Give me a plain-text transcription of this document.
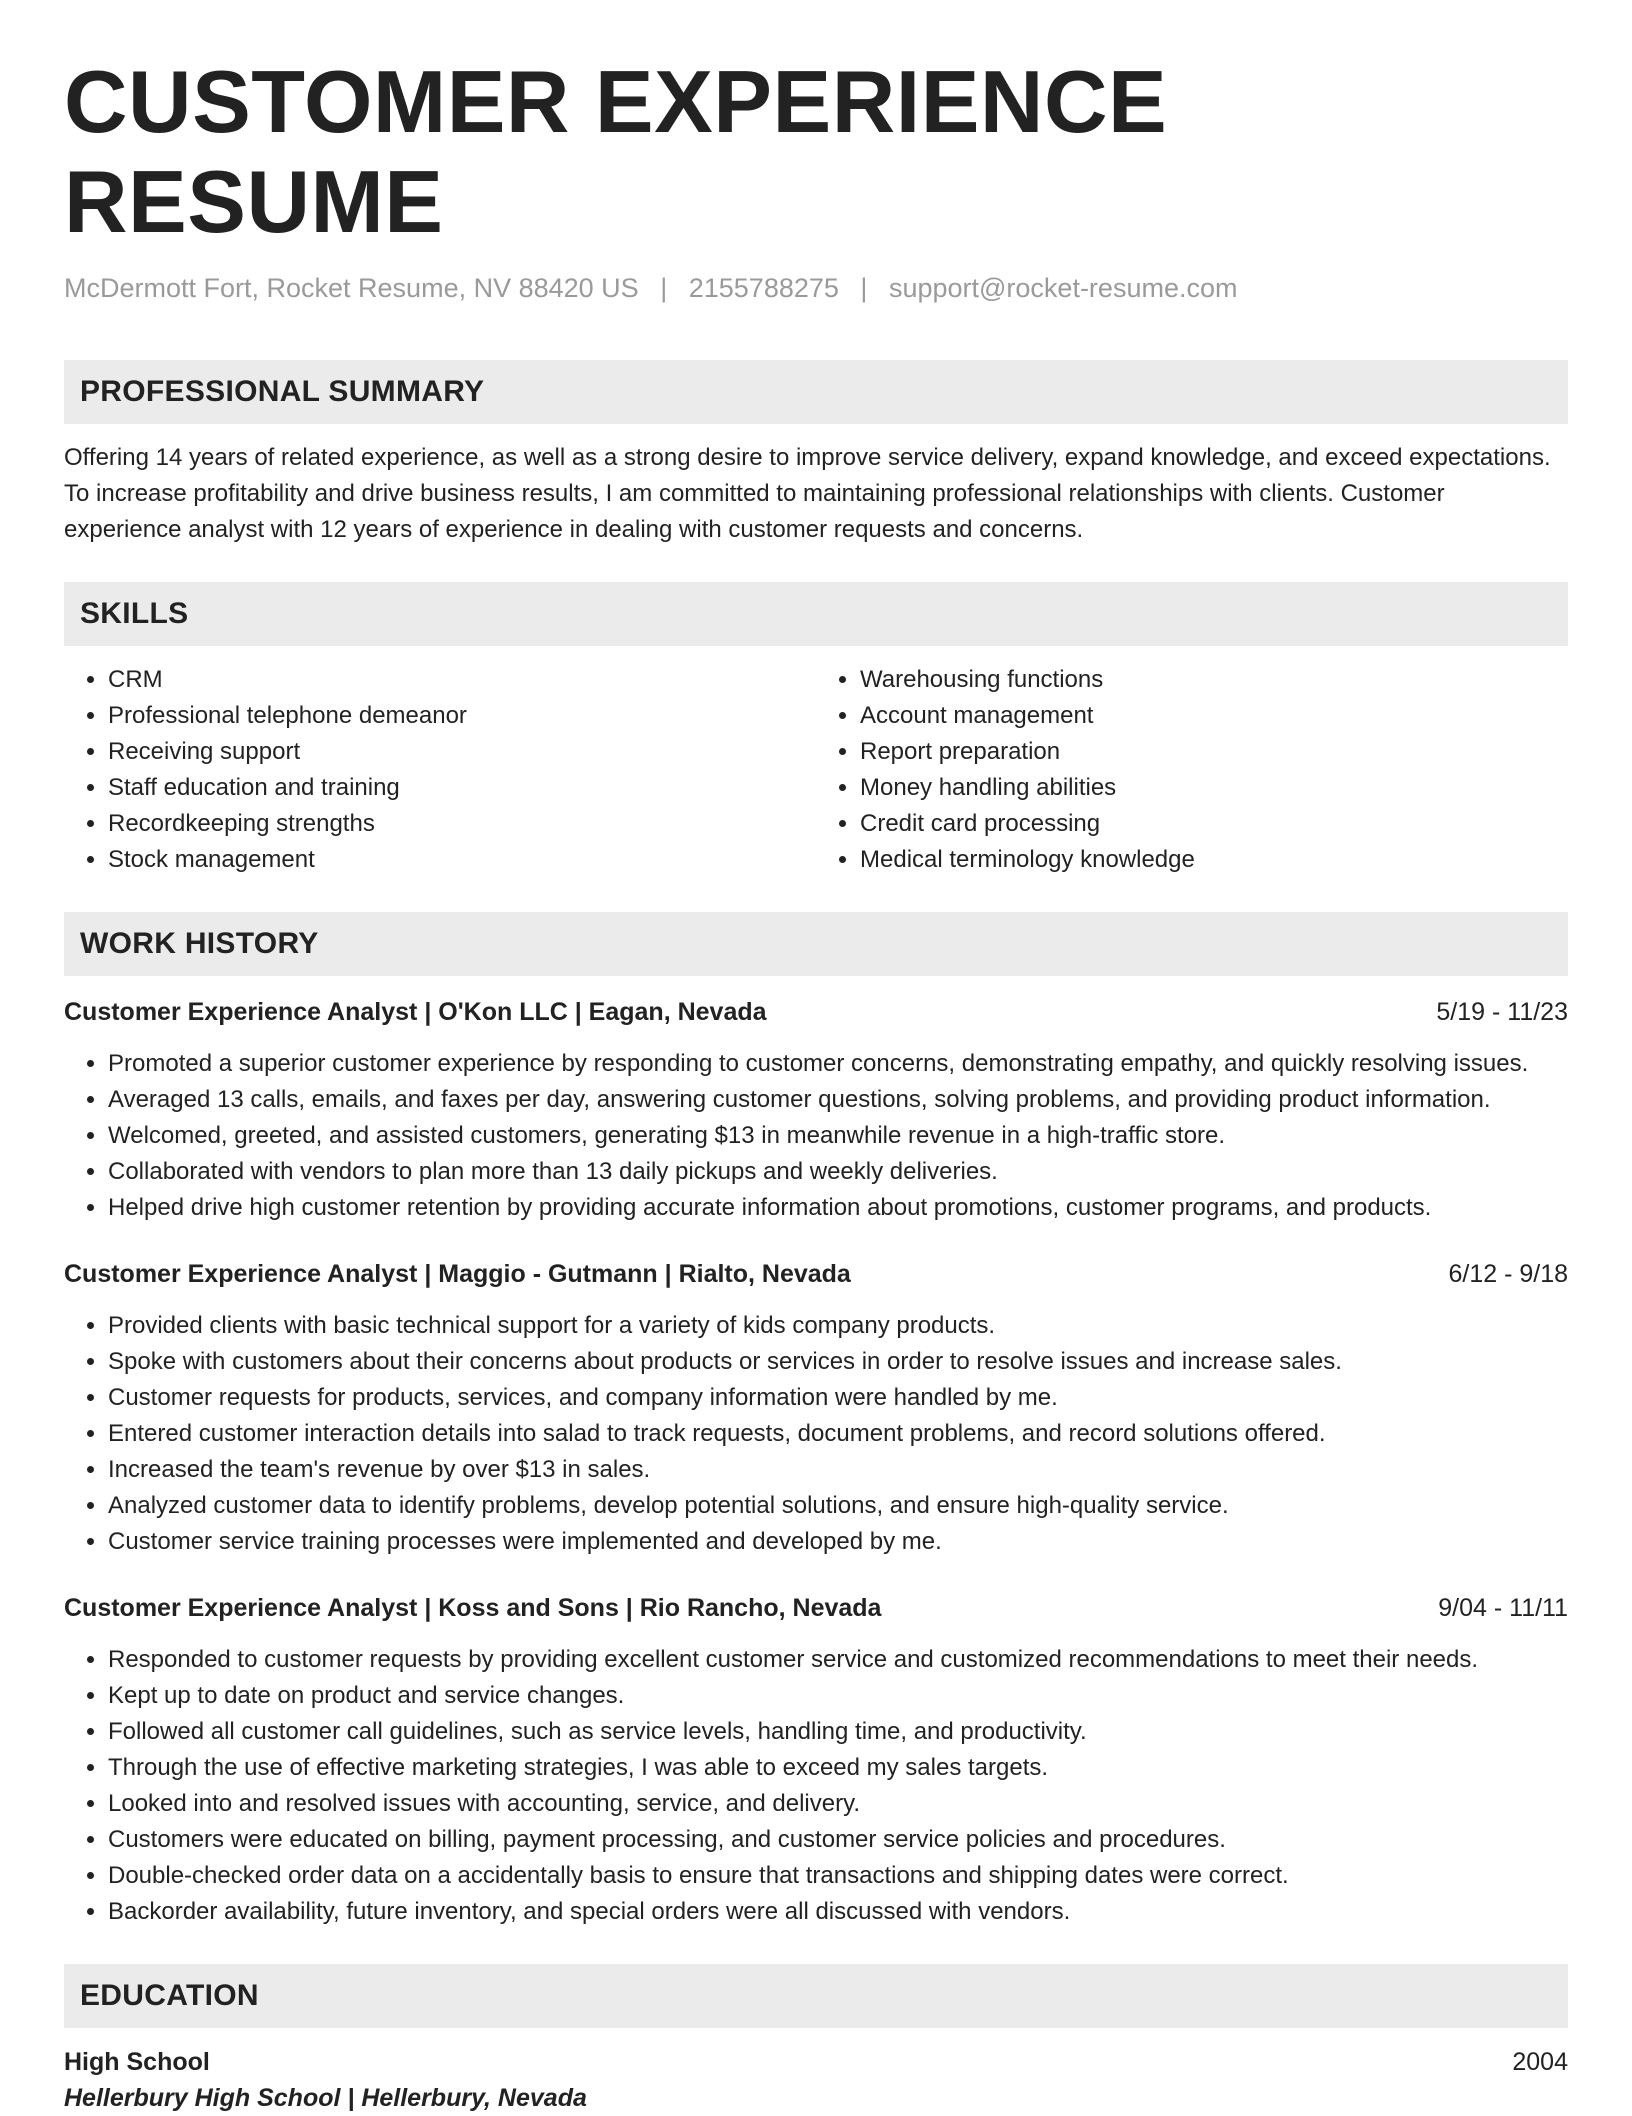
CUSTOMER EXPERIENCE RESUME
McDermott Fort, Rocket Resume, NV 88420 US | 2155788275 | support@rocket-resume.com
PROFESSIONAL SUMMARY

Offering 14 years of related experience, as well as a strong desire to improve service delivery, expand knowledge, and exceed expectations. To increase profitability and drive business results, I am committed to maintaining professional relationships with clients. Customer experience analyst with 12 years of experience in dealing with customer requests and concerns.

SKILLS
• CRM
• Professional telephone demeanor
• Receiving support
• Staff education and training
• Recordkeeping strengths
• Stock management
• Warehousing functions
• Account management
• Report preparation
• Money handling abilities
• Credit card processing
• Medical terminology knowledge
WORK HISTORY
Customer Experience Analyst | O'Kon LLC | Eagan, Nevada	5/19 - 11/23
• Promoted a superior customer experience by responding to customer concerns, demonstrating empathy, and quickly resolving issues.
• Averaged 13 calls, emails, and faxes per day, answering customer questions, solving problems, and providing product information.
• Welcomed, greeted, and assisted customers, generating $13 in meanwhile revenue in a high-traffic store.
• Collaborated with vendors to plan more than 13 daily pickups and weekly deliveries.
• Helped drive high customer retention by providing accurate information about promotions, customer programs, and products.
Customer Experience Analyst | Maggio - Gutmann | Rialto, Nevada	6/12 - 9/18
• Provided clients with basic technical support for a variety of kids company products.
• Spoke with customers about their concerns about products or services in order to resolve issues and increase sales.
• Customer requests for products, services, and company information were handled by me.
• Entered customer interaction details into salad to track requests, document problems, and record solutions offered.
• Increased the team's revenue by over $13 in sales.
• Analyzed customer data to identify problems, develop potential solutions, and ensure high-quality service.
• Customer service training processes were implemented and developed by me.
Customer Experience Analyst | Koss and Sons | Rio Rancho, Nevada	9/04 - 11/11
• Responded to customer requests by providing excellent customer service and customized recommendations to meet their needs.
• Kept up to date on product and service changes.
• Followed all customer call guidelines, such as service levels, handling time, and productivity.
• Through the use of effective marketing strategies, I was able to exceed my sales targets.
• Looked into and resolved issues with accounting, service, and delivery.
• Customers were educated on billing, payment processing, and customer service policies and procedures.
• Double-checked order data on a accidentally basis to ensure that transactions and shipping dates were correct.
• Backorder availability, future inventory, and special orders were all discussed with vendors.
EDUCATION
High School	2004
Hellerbury High School | Hellerbury, Nevada
